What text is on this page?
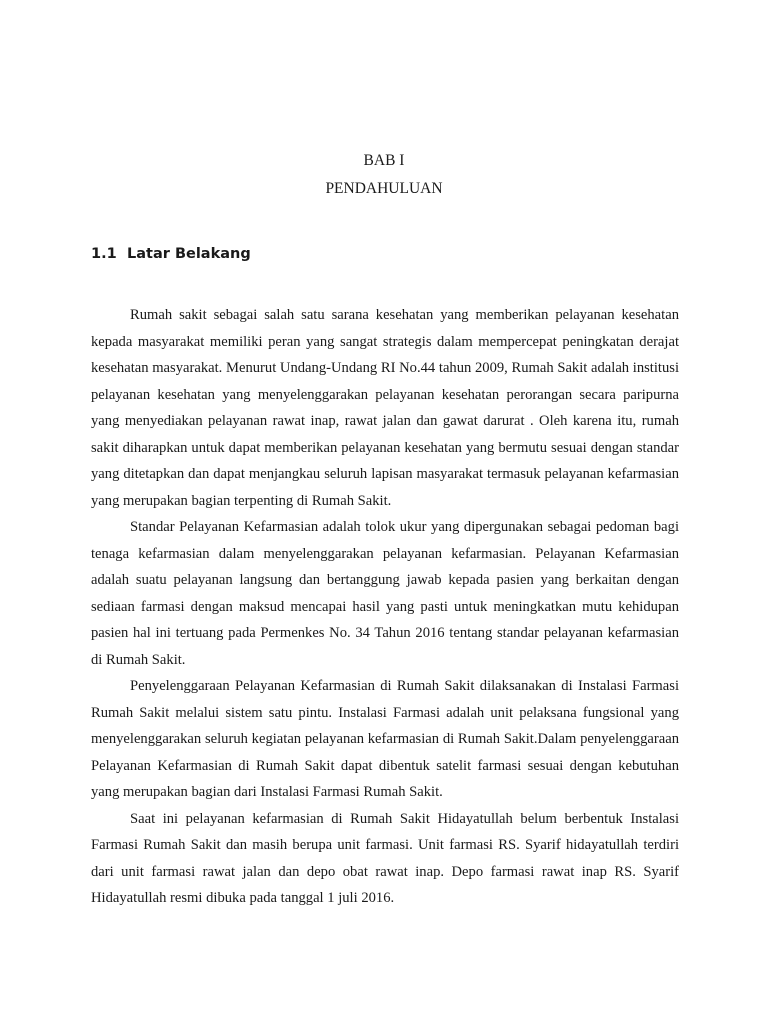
BAB I
PENDAHULUAN
1.1 Latar Belakang

Rumah sakit sebagai salah satu sarana kesehatan yang memberikan pelayanan kesehatan kepada masyarakat memiliki peran yang sangat strategis dalam mempercepat peningkatan derajat kesehatan masyarakat. Menurut Undang-Undang RI No.44 tahun 2009, Rumah Sakit adalah institusi pelayanan kesehatan yang menyelenggarakan pelayanan kesehatan perorangan secara paripurna yang menyediakan pelayanan rawat inap, rawat jalan dan gawat darurat . Oleh karena itu, rumah sakit diharapkan untuk dapat memberikan pelayanan kesehatan yang bermutu sesuai dengan standar yang ditetapkan dan dapat menjangkau seluruh lapisan masyarakat termasuk pelayanan kefarmasian yang merupakan bagian terpenting di Rumah Sakit.

Standar Pelayanan Kefarmasian adalah tolok ukur yang dipergunakan sebagai pedoman bagi tenaga kefarmasian dalam menyelenggarakan pelayanan kefarmasian. Pelayanan Kefarmasian adalah suatu pelayanan langsung dan bertanggung jawab kepada pasien yang berkaitan dengan sediaan farmasi dengan maksud mencapai hasil yang pasti untuk meningkatkan mutu kehidupan pasien hal ini tertuang pada Permenkes No. 34 Tahun 2016 tentang standar pelayanan kefarmasian di Rumah Sakit.

Penyelenggaraan Pelayanan Kefarmasian di Rumah Sakit dilaksanakan di Instalasi Farmasi Rumah Sakit melalui sistem satu pintu. Instalasi Farmasi adalah unit pelaksana fungsional yang menyelenggarakan seluruh kegiatan pelayanan kefarmasian di Rumah Sakit.Dalam penyelenggaraan Pelayanan Kefarmasian di Rumah Sakit dapat dibentuk satelit farmasi sesuai dengan kebutuhan yang merupakan bagian dari Instalasi Farmasi Rumah Sakit.

Saat ini pelayanan kefarmasian di Rumah Sakit Hidayatullah belum berbentuk Instalasi Farmasi Rumah Sakit dan masih berupa unit farmasi. Unit farmasi RS. Syarif hidayatullah terdiri dari unit farmasi rawat jalan dan depo obat rawat inap. Depo farmasi rawat inap RS. Syarif Hidayatullah resmi dibuka pada tanggal 1 juli 2016.
